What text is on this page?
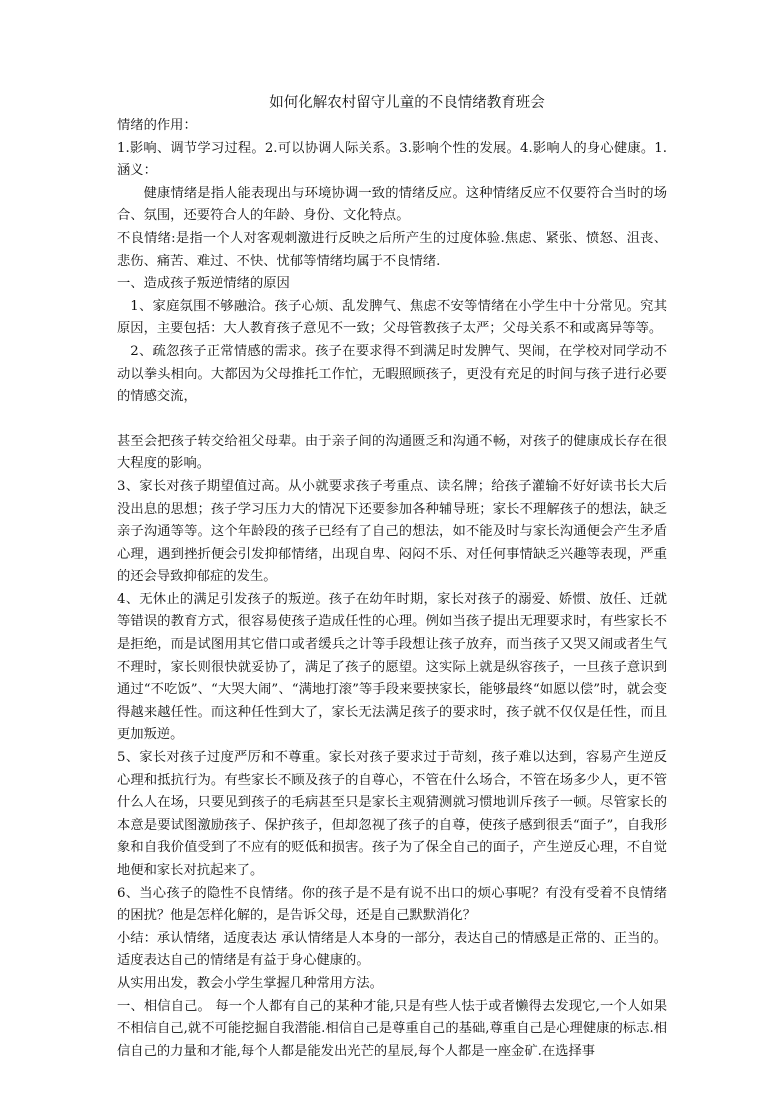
如何化解农村留守儿童的不良情绪教育班会

情绪的作用：

1.影响、调节学习过程。2.可以协调人际关系。3.影响个性的发展。4.影响人的身心健康。1.涵义：

健康情绪是指人能表现出与环境协调一致的情绪反应。这种情绪反应不仅要符合当时的场合、氛围，还要符合人的年龄、身份、文化特点。

不良情绪:是指一个人对客观刺激进行反映之后所产生的过度体验.焦虑、紧张、愤怒、沮丧、悲伤、痛苦、难过、不快、忧郁等情绪均属于不良情绪.

一、造成孩子叛逆情绪的原因

1、家庭氛围不够融洽。孩子心烦、乱发脾气、焦虑不安等情绪在小学生中十分常见。究其原因，主要包括：大人教育孩子意见不一致；父母管教孩子太严；父母关系不和或离异等等。

2、疏忽孩子正常情感的需求。孩子在要求得不到满足时发脾气、哭闹，在学校对同学动不动以拳头相向。大都因为父母推托工作忙，无暇照顾孩子，更没有充足的时间与孩子进行必要的情感交流，

甚至会把孩子转交给祖父母辈。由于亲子间的沟通匮乏和沟通不畅，对孩子的健康成长存在很大程度的影响。

3、家长对孩子期望值过高。从小就要求孩子考重点、读名牌；给孩子灌输不好好读书长大后没出息的思想；孩子学习压力大的情况下还要参加各种辅导班；家长不理解孩子的想法，缺乏亲子沟通等等。这个年龄段的孩子已经有了自己的想法，如不能及时与家长沟通便会产生矛盾心理，遇到挫折便会引发抑郁情绪，出现自卑、闷闷不乐、对任何事情缺乏兴趣等表现，严重的还会导致抑郁症的发生。

4、无休止的满足引发孩子的叛逆。孩子在幼年时期，家长对孩子的溺爱、娇惯、放任、迁就等错误的教育方式，很容易使孩子造成任性的心理。例如当孩子提出无理要求时，有些家长不是拒绝，而是试图用其它借口或者缓兵之计等手段想让孩子放弃，而当孩子又哭又闹或者生气不理时，家长则很快就妥协了，满足了孩子的愿望。这实际上就是纵容孩子，一旦孩子意识到通过“不吃饭”、“大哭大闹”、“满地打滚”等手段来要挟家长，能够最终“如愿以偿”时，就会变得越来越任性。而这种任性到大了，家长无法满足孩子的要求时，孩子就不仅仅是任性，而且更加叛逆。

5、家长对孩子过度严厉和不尊重。家长对孩子要求过于苛刻，孩子难以达到，容易产生逆反心理和抵抗行为。有些家长不顾及孩子的自尊心，不管在什么场合，不管在场多少人，更不管什么人在场，只要见到孩子的毛病甚至只是家长主观猜测就习惯地训斥孩子一顿。尽管家长的本意是要试图激励孩子、保护孩子，但却忽视了孩子的自尊，使孩子感到很丢“面子”，自我形象和自我价值受到了不应有的贬低和损害。孩子为了保全自己的面子，产生逆反心理，不自觉地便和家长对抗起来了。

6、当心孩子的隐性不良情绪。你的孩子是不是有说不出口的烦心事呢？有没有受着不良情绪的困扰？他是怎样化解的，是告诉父母，还是自己默默消化？

小结：承认情绪，适度表达 承认情绪是人本身的一部分，表达自己的情感是正常的、正当的。 适度表达自己的情绪是有益于身心健康的。

从实用出发，教会小学生掌握几种常用方法。

一、相信自己。 每一个人都有自己的某种才能,只是有些人怯于或者懒得去发现它,一个人如果不相信自己,就不可能挖掘自我潜能.相信自己是尊重自己的基础,尊重自己是心理健康的标志.相信自己的力量和才能,每个人都是能发出光芒的星辰,每个人都是一座金矿.在选择事
